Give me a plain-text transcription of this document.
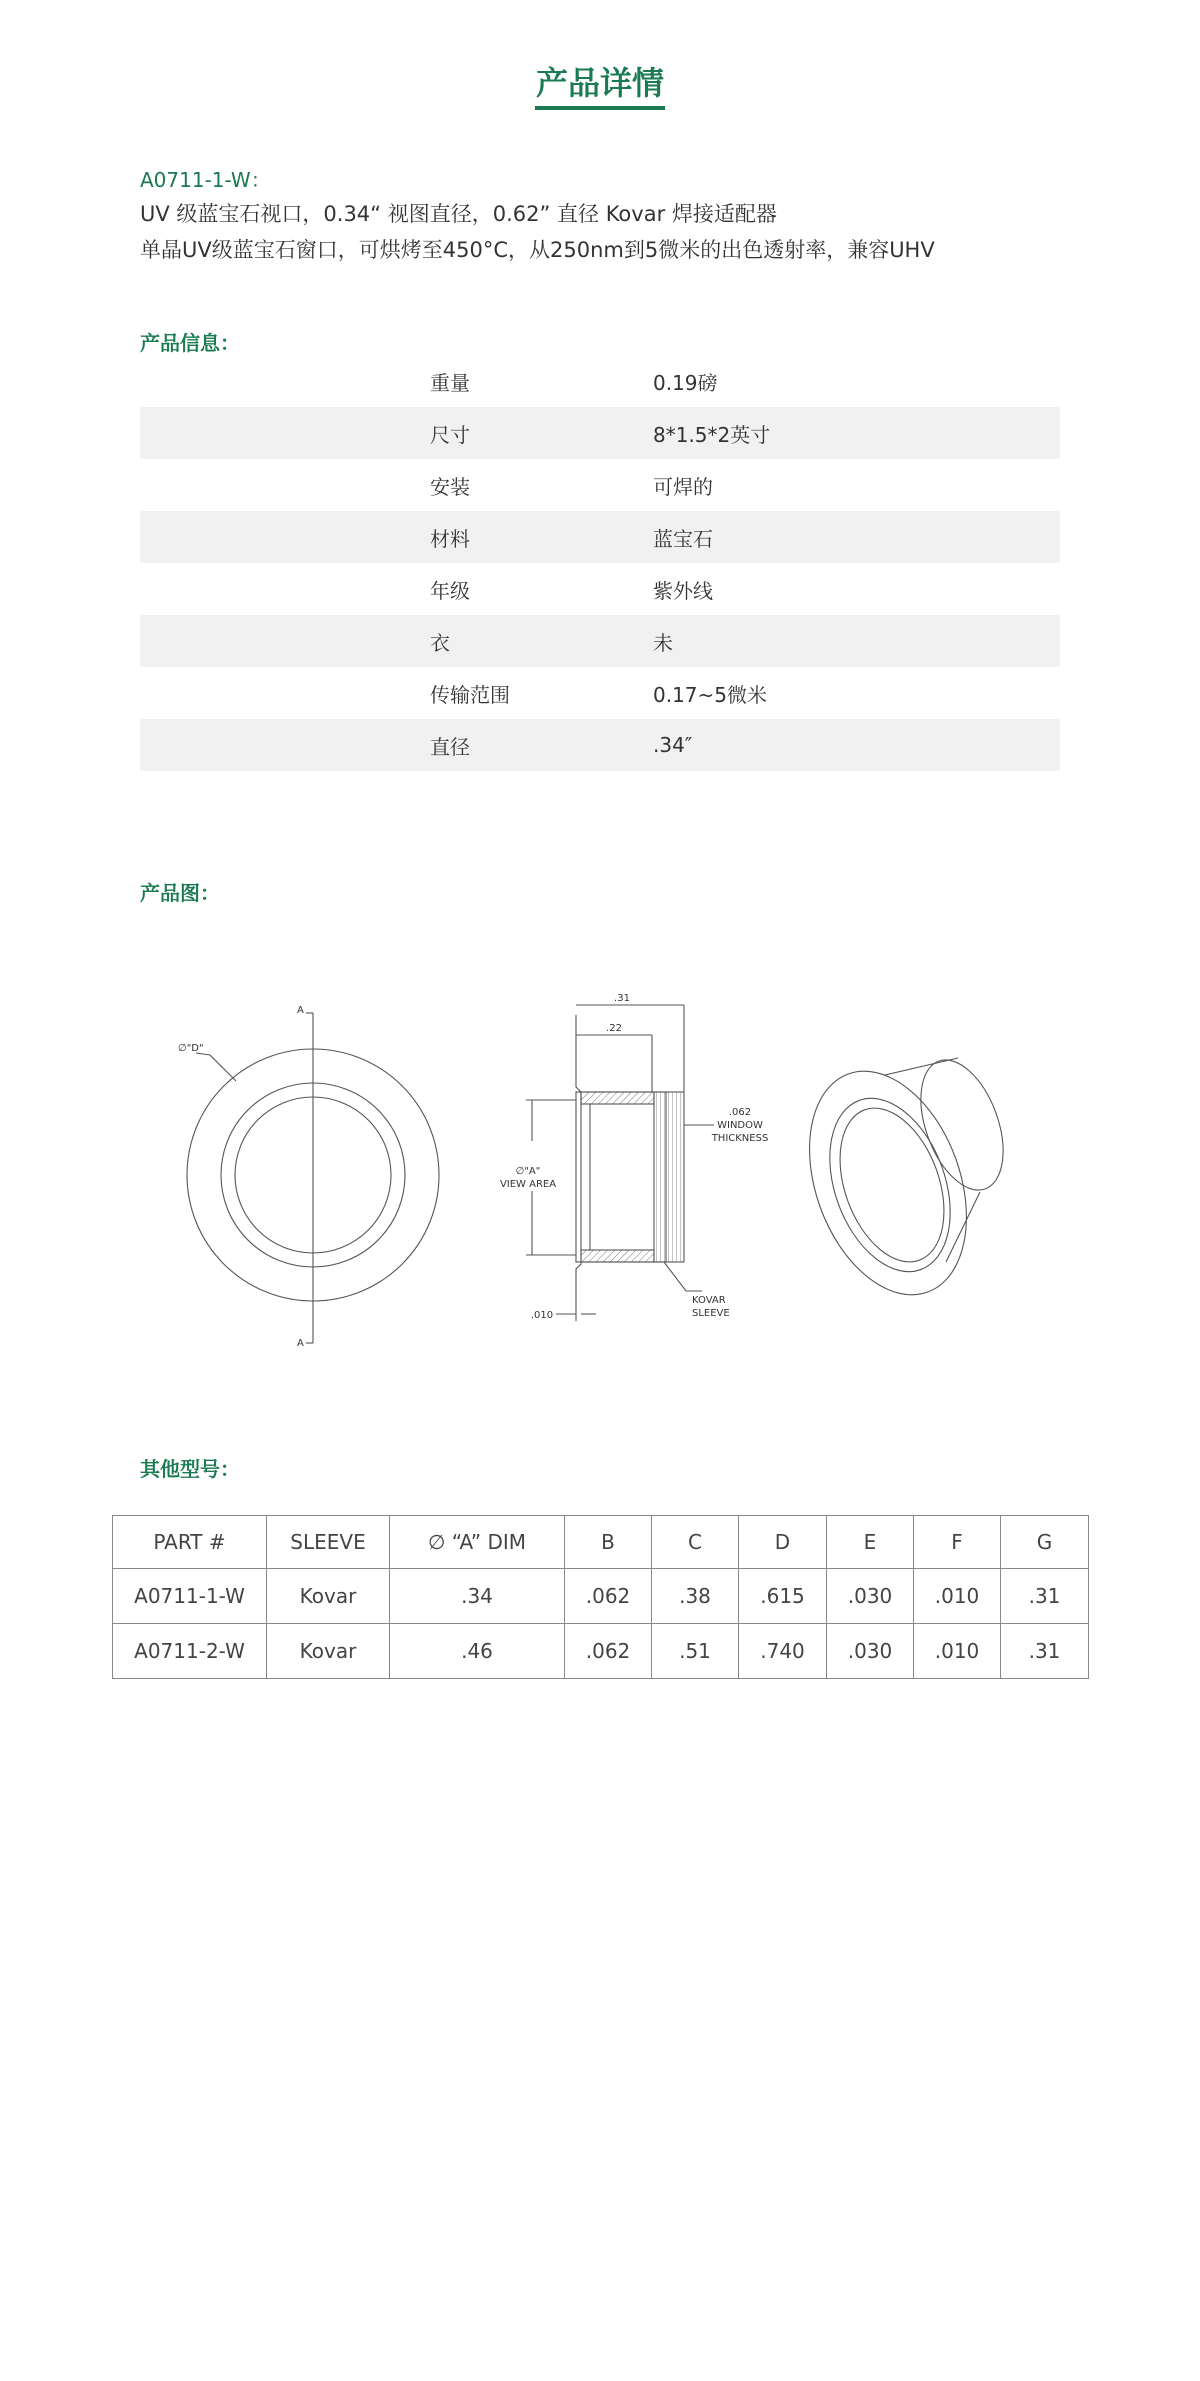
产品详情
A0711-1-W：
UV 级蓝宝石视口，0.34“ 视图直径，0.62” 直径 Kovar 焊接适配器
单晶UV级蓝宝石窗口，可烘烤至450°C，从250nm到5微米的出色透射率，兼容UHV
产品信息：
重量	0.19磅
尺寸	8*1.5*2英寸
安装	可焊的
材料	蓝宝石
年级	紫外线
衣	未
传输范围	0.17~5微米
直径	.34″
产品图：
A
A
∅"D"
.31
.22
.062
WINDOW
THICKNESS
∅"A"
VIEW AREA
.010
KOVAR
SLEEVE
其他型号：
PART #	SLEEVE	∅ “A” DIM	B	C	D	E	F	G
A0711-1-W	Kovar	.34	.062	.38	.615	.030	.010	.31
A0711-2-W	Kovar	.46	.062	.51	.740	.030	.010	.31
